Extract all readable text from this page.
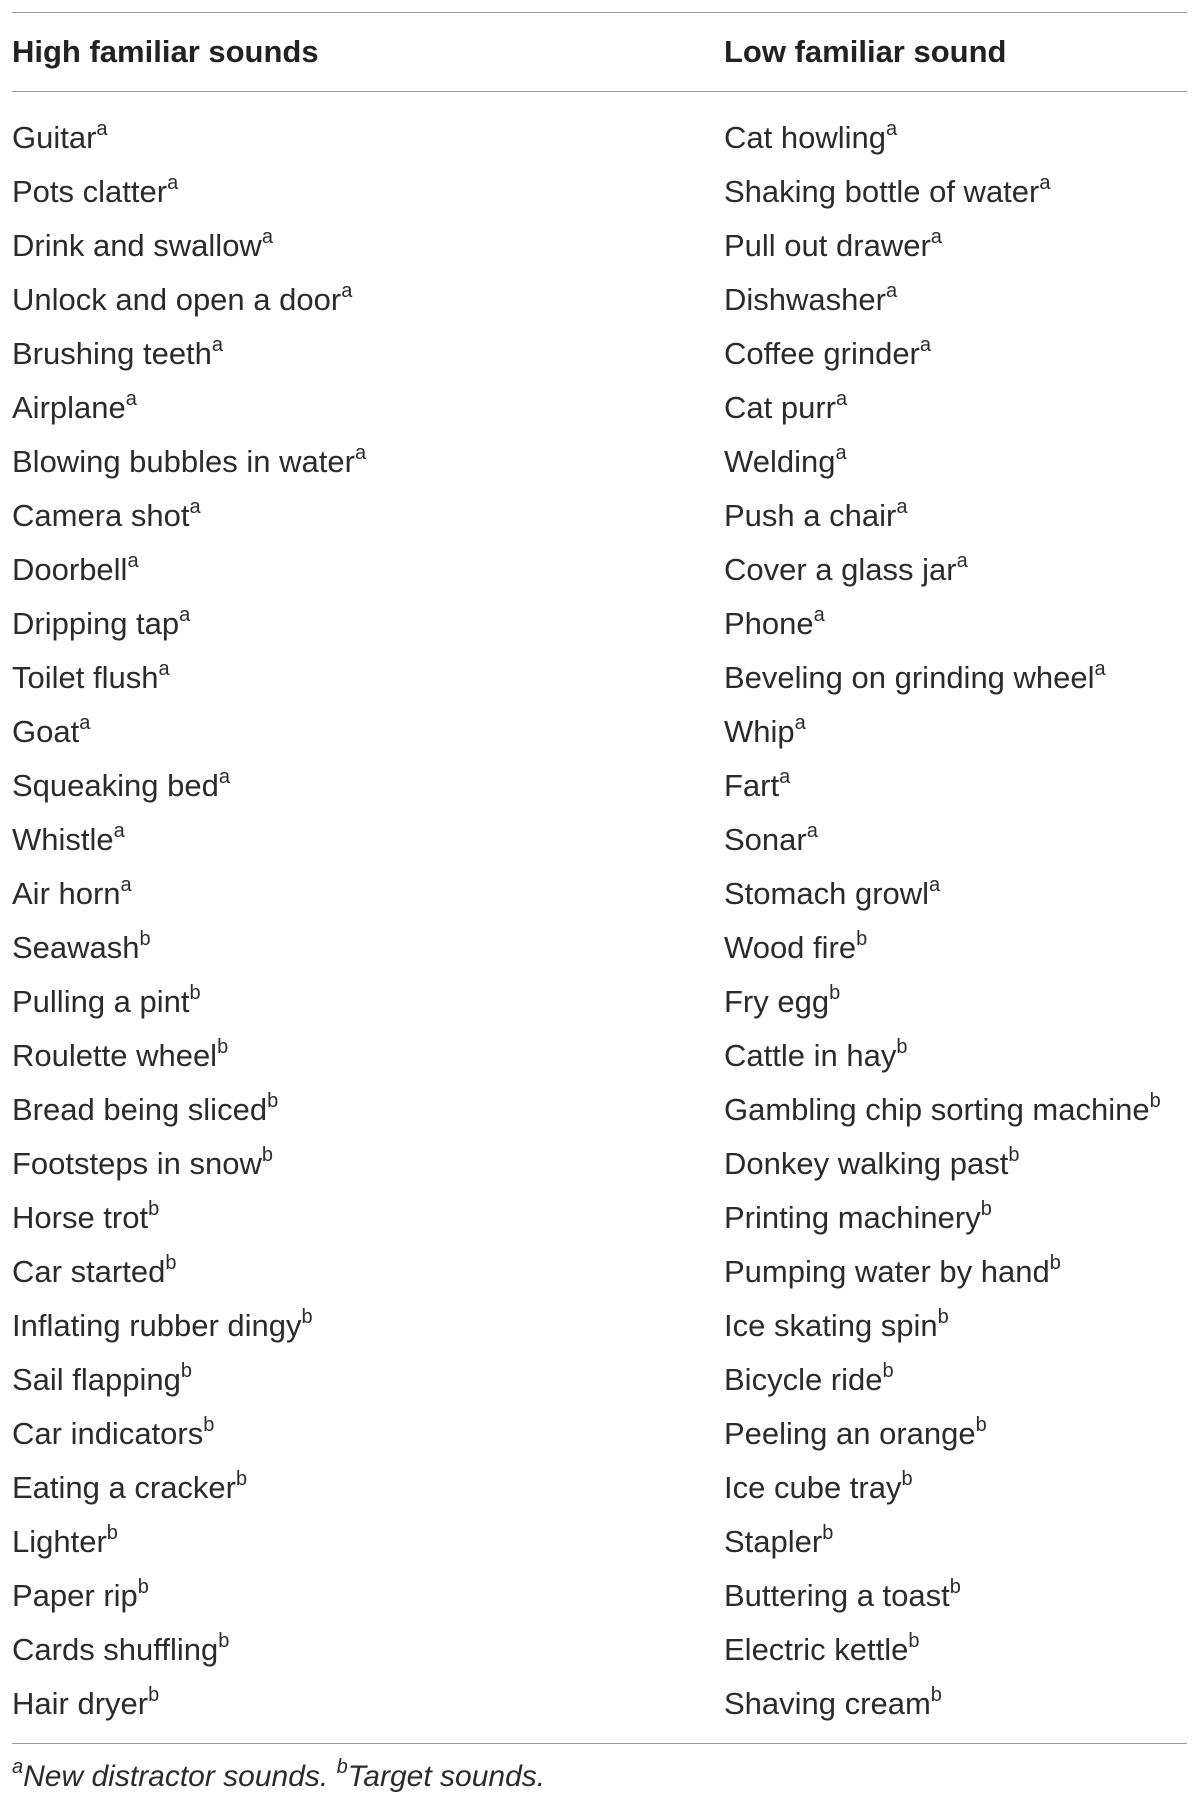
High familiar sounds	Low familiar sound
Guitar$^a$	Cat howling$^a$
Pots clatter$^a$	Shaking bottle of water$^a$
Drink and swallow$^a$	Pull out drawer$^a$
Unlock and open a door$^a$	Dishwasher$^a$
Brushing teeth$^a$	Coffee grinder$^a$
Airplane$^a$	Cat purr$^a$
Blowing bubbles in water$^a$	Welding$^a$
Camera shot$^a$	Push a chair$^a$
Doorbell$^a$	Cover a glass jar$^a$
Dripping tap$^a$	Phone$^a$
Toilet flush$^a$	Beveling on grinding wheel$^a$
Goat$^a$	Whip$^a$
Squeaking bed$^a$	Fart$^a$
Whistle$^a$	Sonar$^a$
Air horn$^a$	Stomach growl$^a$
Seawash$^b$	Wood fire$^b$
Pulling a pint$^b$	Fry egg$^b$
Roulette wheel$^b$	Cattle in hay$^b$
Bread being sliced$^b$	Gambling chip sorting machine$^b$
Footsteps in snow$^b$	Donkey walking past$^b$
Horse trot$^b$	Printing machinery$^b$
Car started$^b$	Pumping water by hand$^b$
Inflating rubber dingy$^b$	Ice skating spin$^b$
Sail flapping$^b$	Bicycle ride$^b$
Car indicators$^b$	Peeling an orange$^b$
Eating a cracker$^b$	Ice cube tray$^b$
Lighter$^b$	Stapler$^b$
Paper rip$^b$	Buttering a toast$^b$
Cards shuffling$^b$	Electric kettle$^b$
Hair dryer$^b$	Shaving cream$^b$
$^a$New distractor sounds. $^b$Target sounds.
